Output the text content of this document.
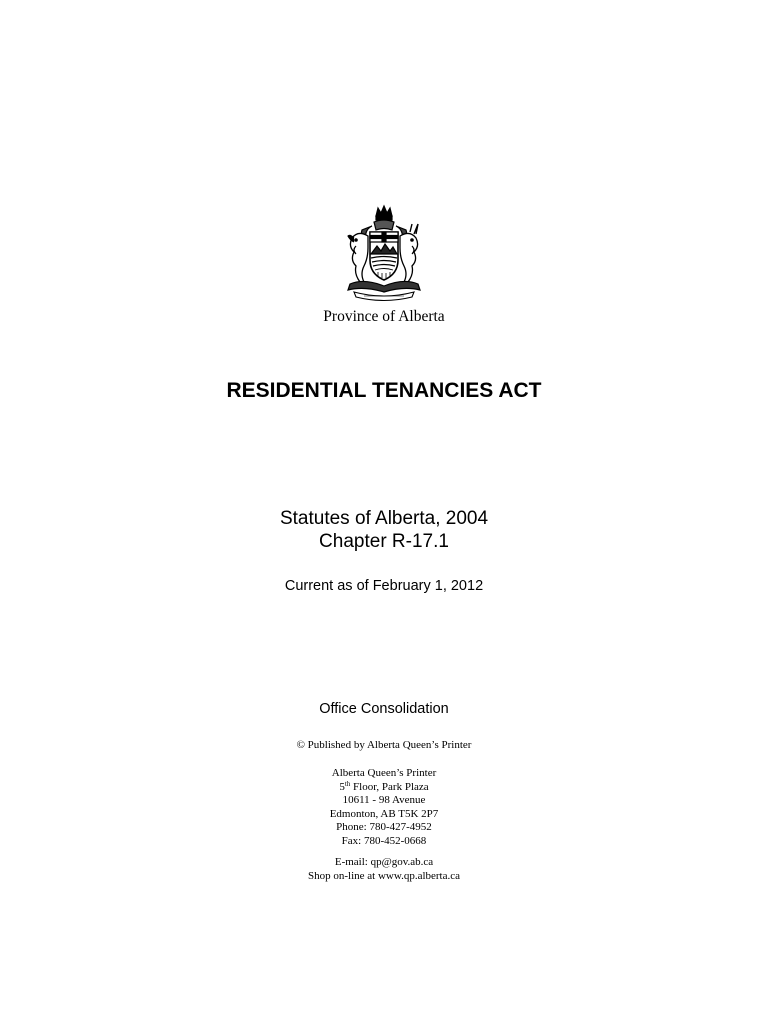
Province of Alberta
RESIDENTIAL TENANCIES ACT
Statutes of Alberta, 2004
Chapter R-17.1
Current as of February 1, 2012
Office Consolidation
© Published by Alberta Queen’s Printer
Alberta Queen’s Printer
5th Floor, Park Plaza
10611 - 98 Avenue
Edmonton, AB T5K 2P7
Phone: 780-427-4952
Fax: 780-452-0668
E-mail: qp@gov.ab.ca
Shop on-line at www.qp.alberta.ca
